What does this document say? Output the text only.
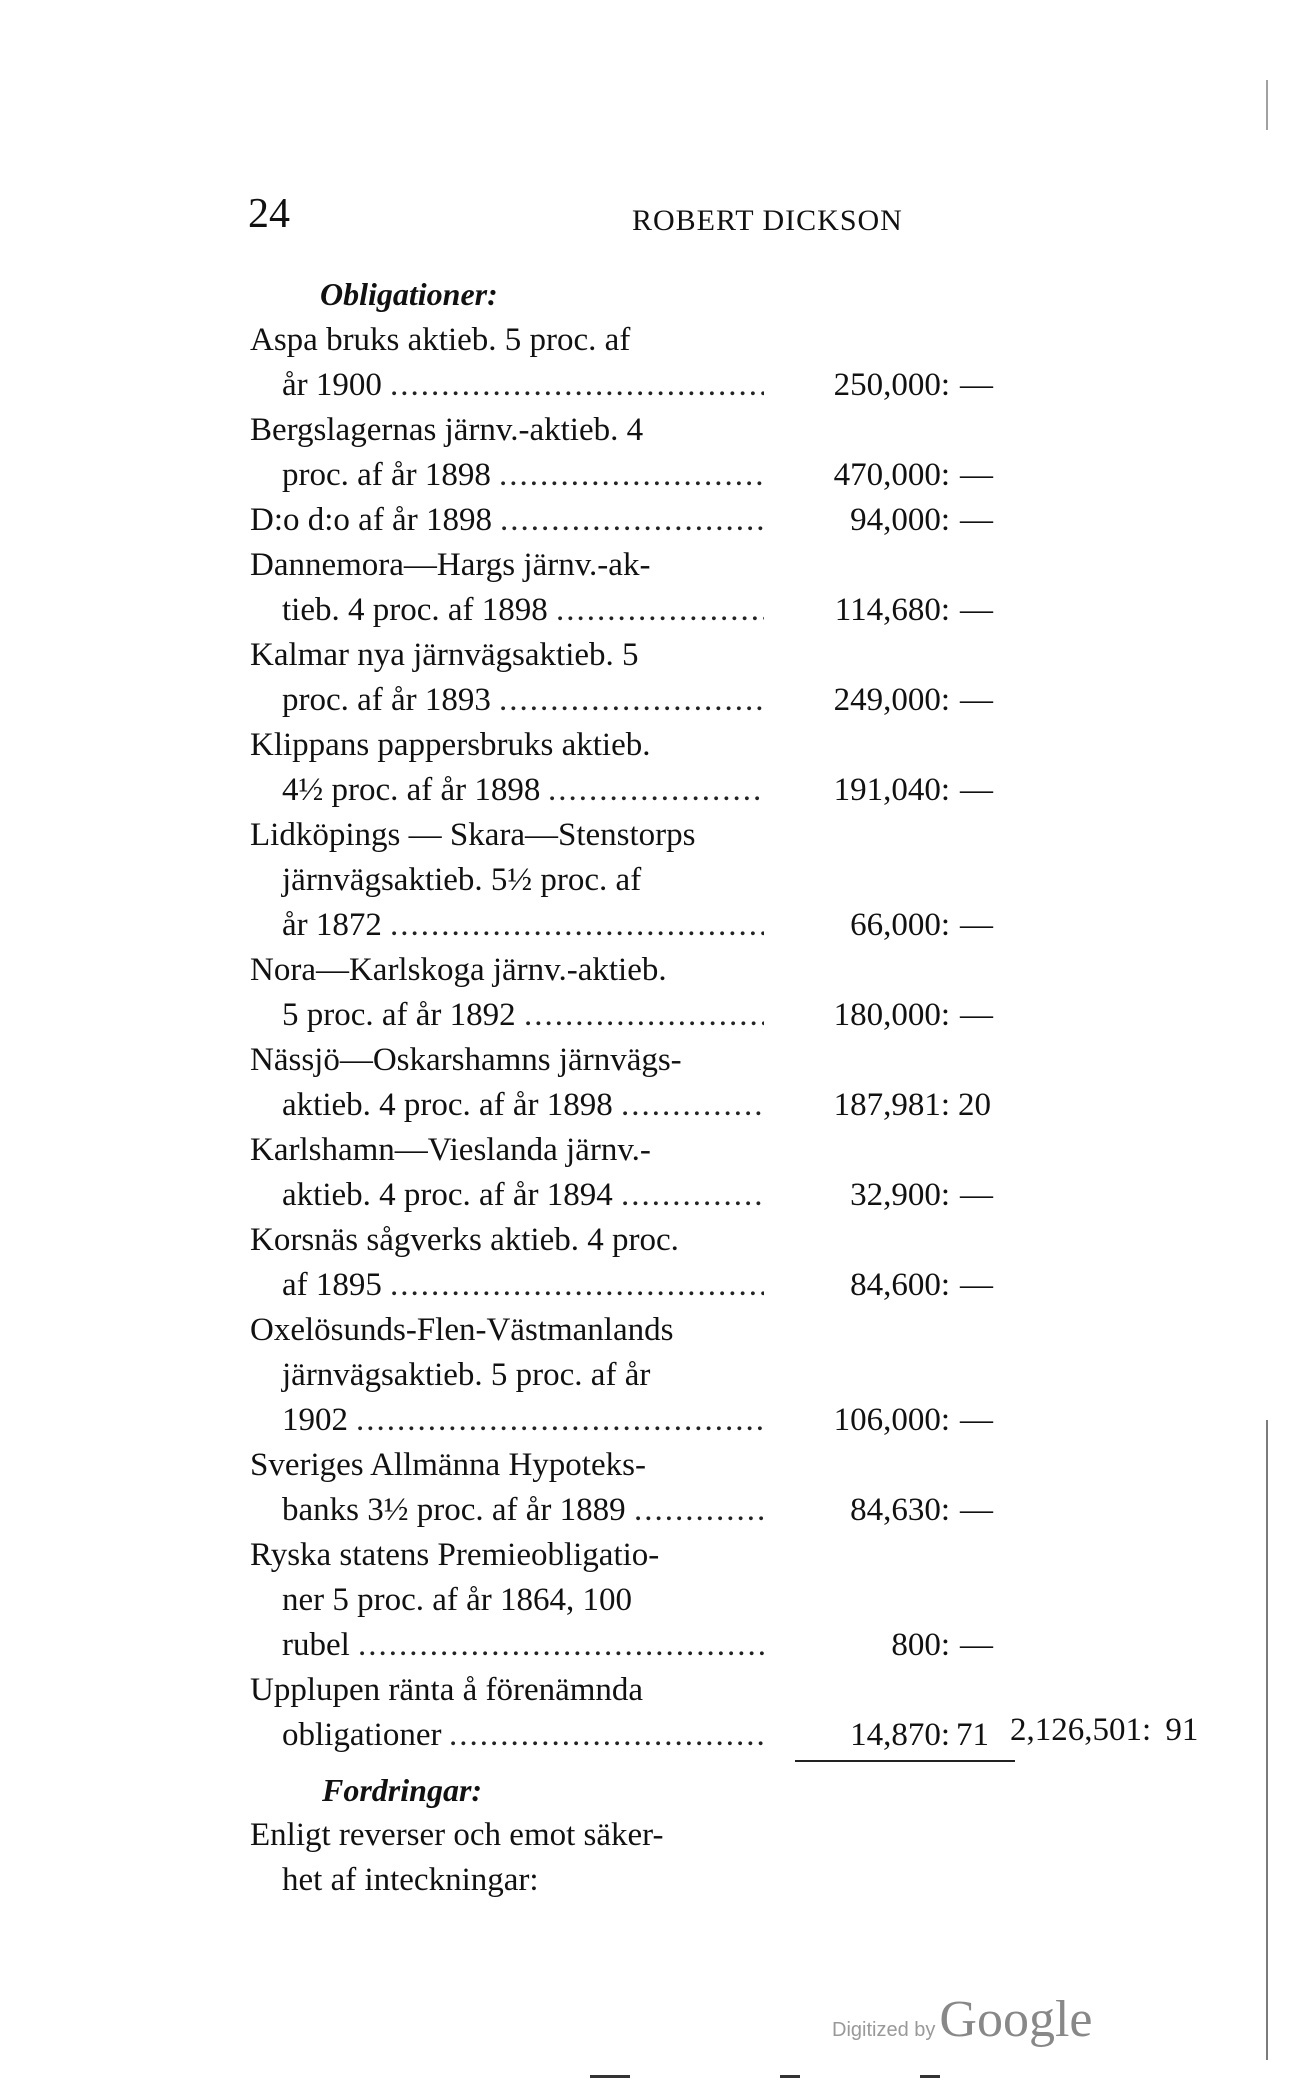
24	ROBERT DICKSON
Obligationer:
Aspa bruks aktieb. 5 proc. af
år 1900
.....
Bergslagernas järnv.-aktieb. 4
proc. af år 1898
.....
D:o d:o af år 1898
.....
Dannemora—Hargs järnv.-ak-
tieb. 4 proc. af 1898
.....
Kalmar nya järnvägsaktieb. 5
proc. af år 1893
.....
Klippans pappersbruks aktieb.
4½ proc. af år 1898
.....
Lidköpings — Skara—Stenstorps
järnvägsaktieb. 5½ proc. af
år 1872
.....
Nora—Karlskoga järnv.-aktieb.
5 proc. af år 1892
.....
Nässjö—Oskarshamns järnvägs-
aktieb. 4 proc. af år 1898
.....
Karlshamn—Vieslanda järnv.-
aktieb. 4 proc. af år 1894
.....
Korsnäs sågverks aktieb. 4 proc.
af 1895
.....
Oxelösunds-Flen-Västmanlands
järnvägsaktieb. 5 proc. af år
1902
.....
Sveriges Allmänna Hypoteks-
banks 3½ proc. af år 1889
.....
Ryska statens Premieobligatio-
ner 5 proc. af år 1864, 100
rubel
.....
Upplupen ränta å förenämnda
obligationer
.....
Fordringar:
Enligt reverser och emot säker-
het af inteckningar:
250,000:
470,000:
94,000:
114,680:
249,000:
191,040:
66,000:
180,000:
187,981:
32,900:
84,600:
106,000:
84,630:
800:
14,870:
—
—
—
—
—
—
—
—
20
—
—
—
—
—
71 2,126,501: 91
Digitized by Google
